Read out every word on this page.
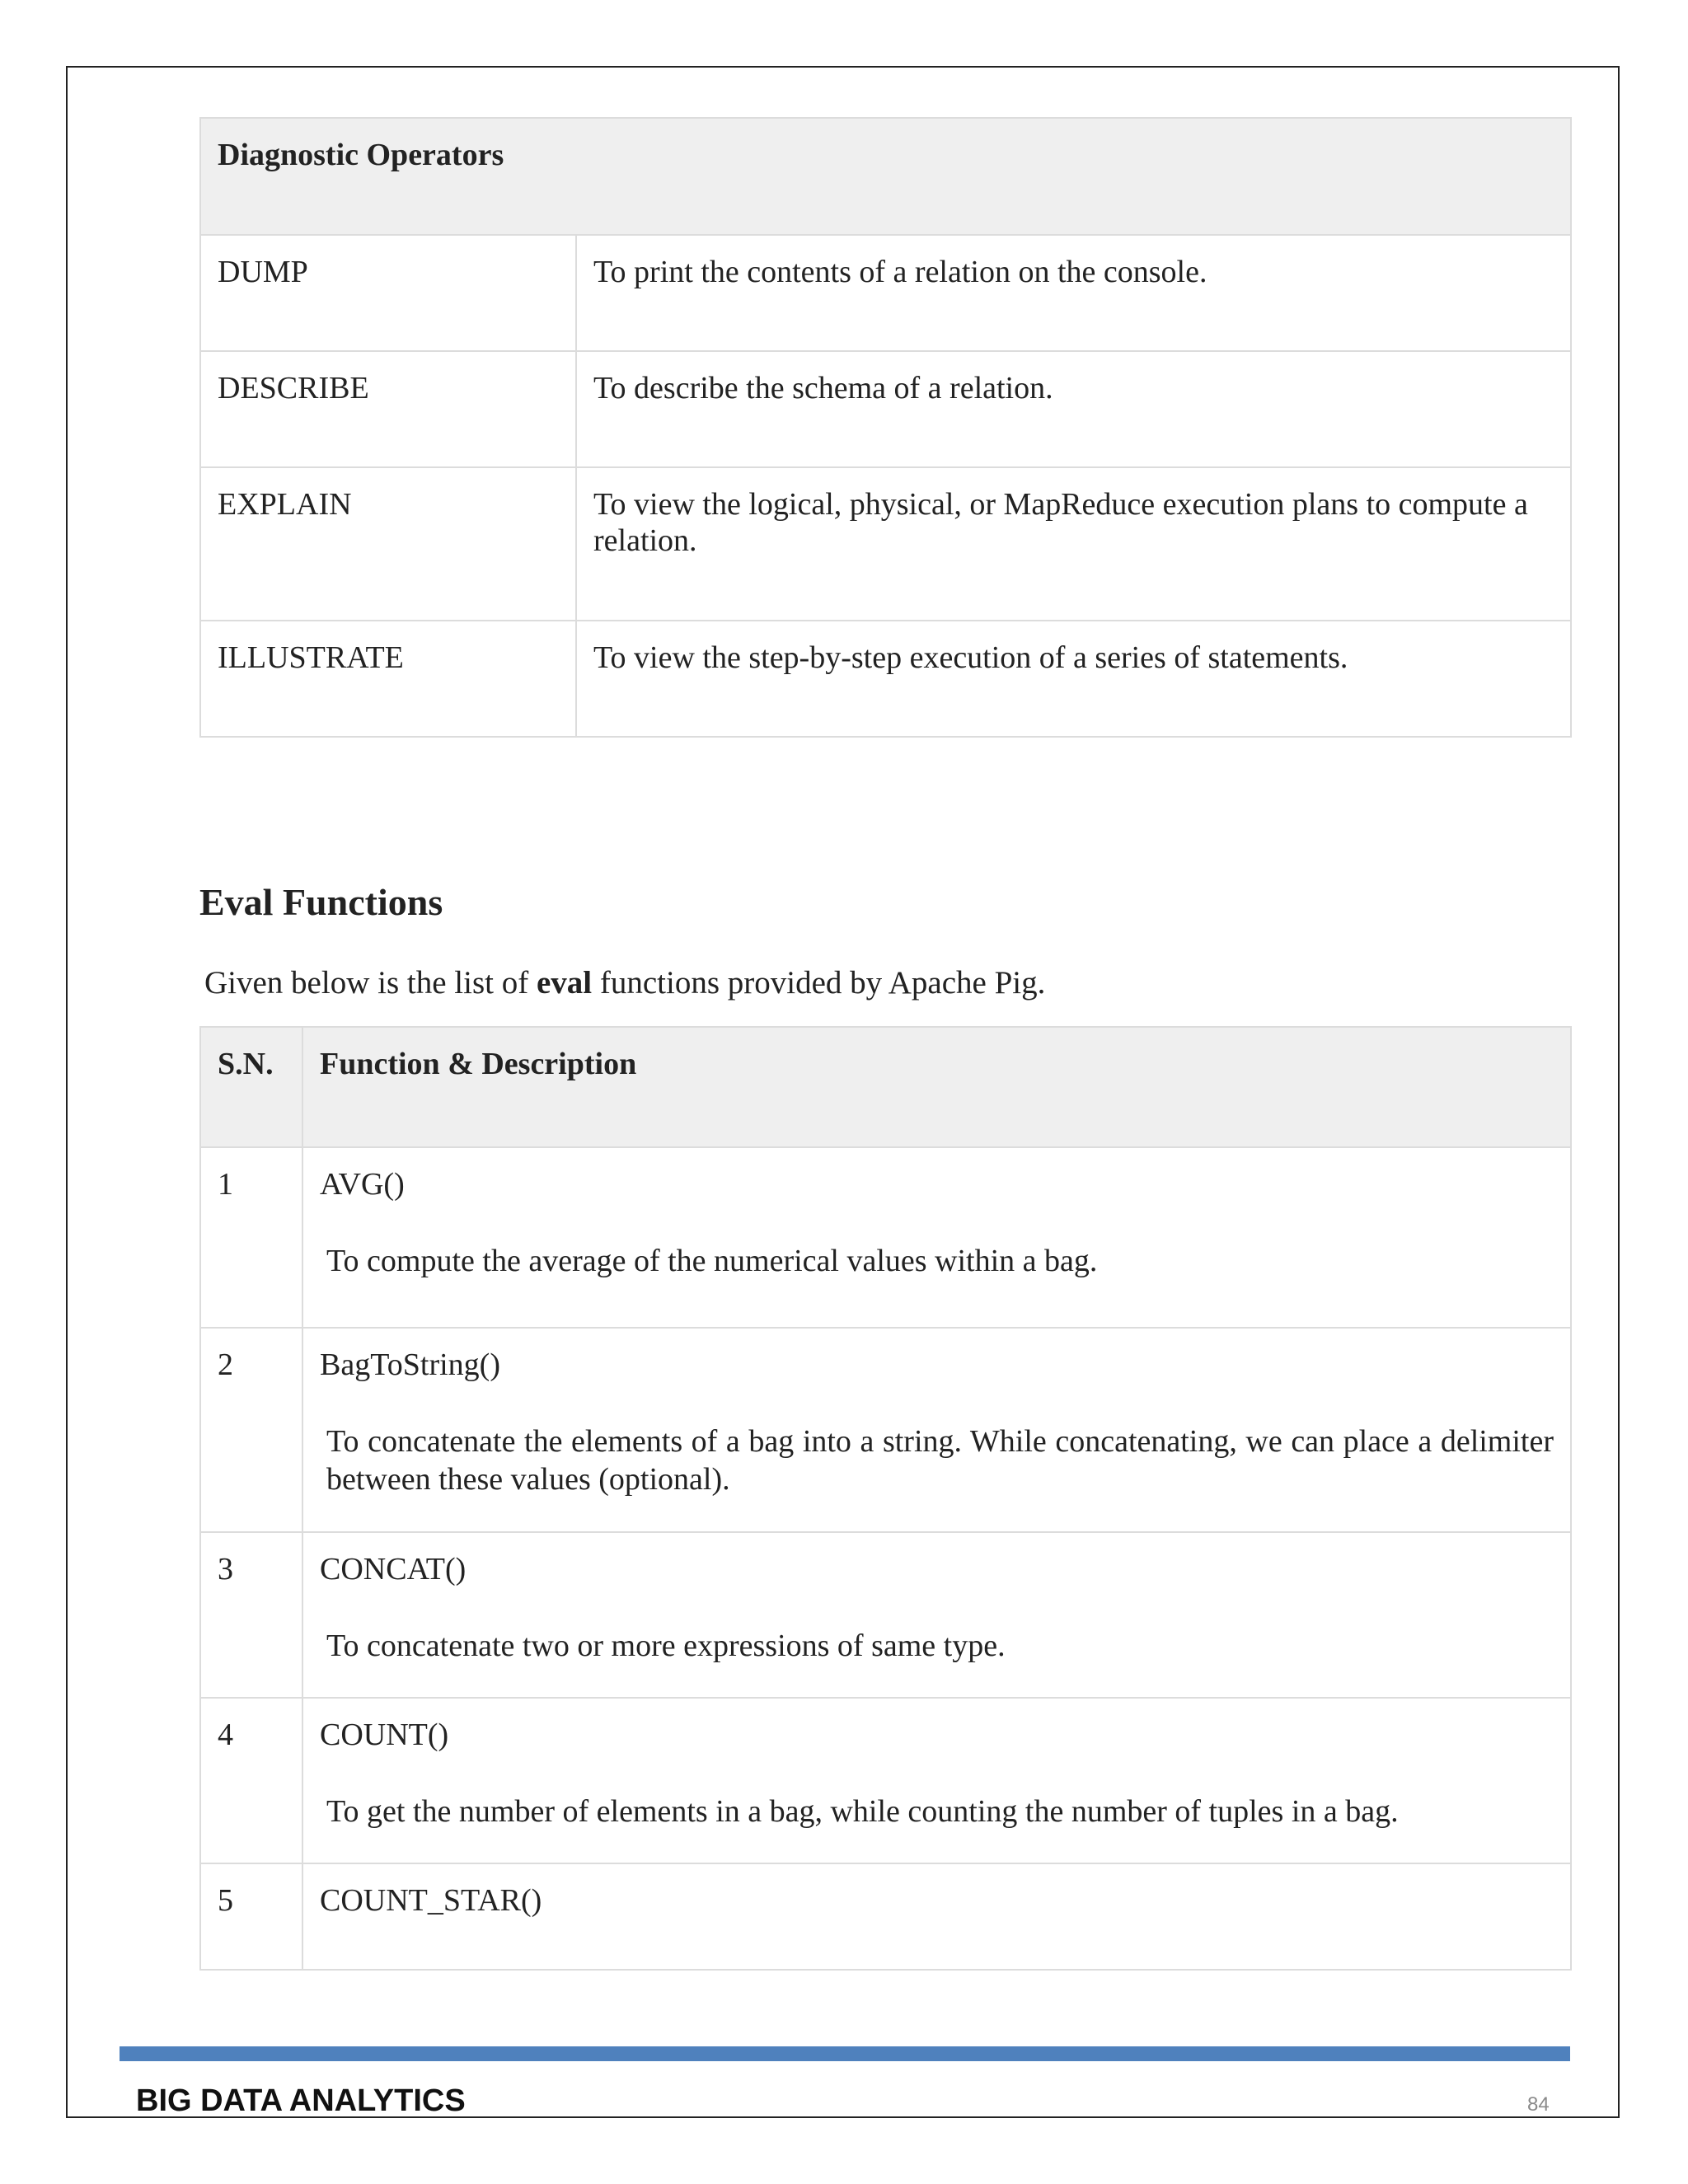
Diagnostic Operators	
DUMP	To print the contents of a relation on the console.
DESCRIBE	To describe the schema of a relation.
EXPLAIN	To view the logical, physical, or MapReduce execution plans to compute a relation.
ILLUSTRATE	To view the step-by-step execution of a series of statements.
Eval Functions

Given below is the list of eval functions provided by Apache Pig.

S.N.	Function & Description
1	AVG()
To compute the average of the numerical values within a bag.

2	BagToString()
To concatenate the elements of a bag into a string. While concatenating, we can place a delimiter between these values (optional).

3	CONCAT()
To concatenate two or more expressions of same type.

4	COUNT()
To get the number of elements in a bag, while counting the number of tuples in a bag.

5	COUNT_STAR()
BIG DATA ANALYTICS	84
